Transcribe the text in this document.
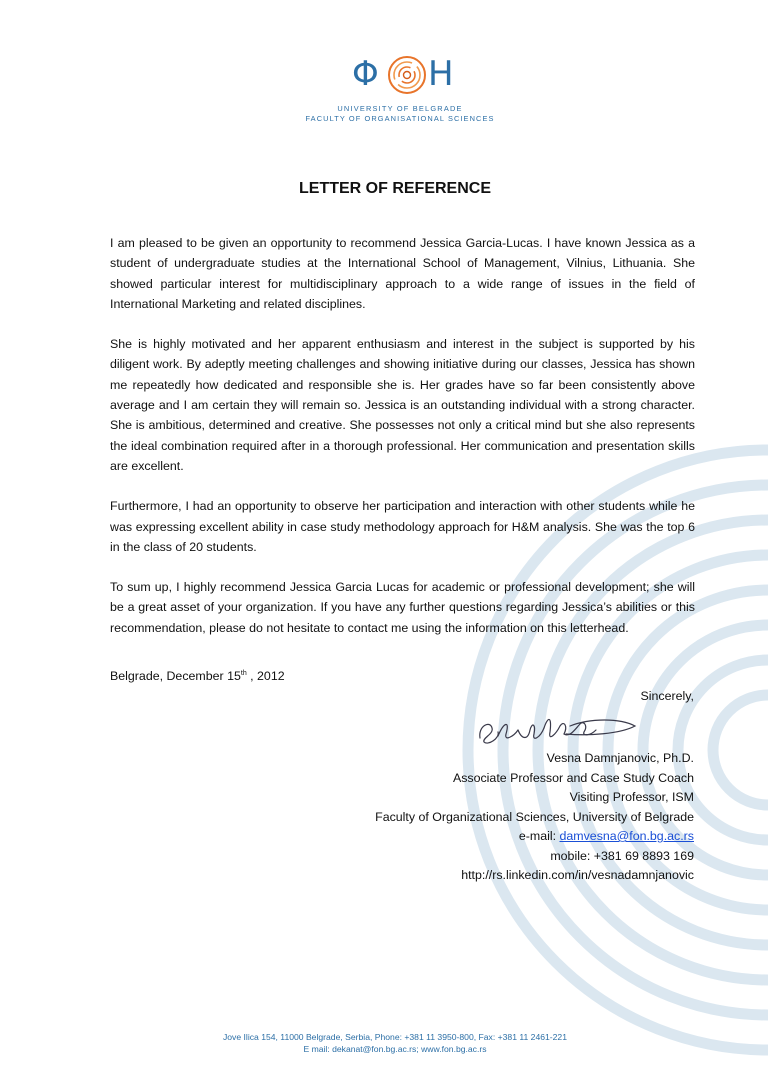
Φ Н
UNIVERSITY OF BELGRADE
FACULTY OF ORGANISATIONAL SCIENCES
LETTER OF REFERENCE

I am pleased to be given an opportunity to recommend Jessica Garcia-Lucas. I have known Jessica as a student of undergraduate studies at the International School of Management, Vilnius, Lithuania. She showed particular interest for multidisciplinary approach to a wide range of issues in the field of International Marketing and related disciplines.

She is highly motivated and her apparent enthusiasm and interest in the subject is supported by his diligent work. By adeptly meeting challenges and showing initiative during our classes, Jessica has shown me repeatedly how dedicated and responsible she is. Her grades have so far been consistently above average and I am certain they will remain so. Jessica is an outstanding individual with a strong character. She is ambitious, determined and creative. She possesses not only a critical mind but she also represents the ideal combination required after in a thorough professional. Her communication and presentation skills are excellent.

Furthermore, I had an opportunity to observe her participation and interaction with other students while he was expressing excellent ability in case study methodology approach for H&M analysis. She was the top 6 in the class of 20 students.

To sum up, I highly recommend Jessica Garcia Lucas for academic or professional development; she will be a great asset of your organization. If you have any further questions regarding Jessica’s abilities or this recommendation, please do not hesitate to contact me using the information on this letterhead.

Belgrade, December 15th , 2012
Sincerely,
Vesna Damnjanovic, Ph.D.
Associate Professor and Case Study Coach
Visiting Professor, ISM
Faculty of Organizational Sciences, University of Belgrade
e-mail: damvesna@fon.bg.ac.rs
mobile: +381 69 8893 169
http://rs.linkedin.com/in/vesnadamnjanovic
Jove Ilica 154, 11000 Belgrade, Serbia, Phone: +381 11 3950-800, Fax: +381 11 2461-221
E mail: dekanat@fon.bg.ac.rs; www.fon.bg.ac.rs
